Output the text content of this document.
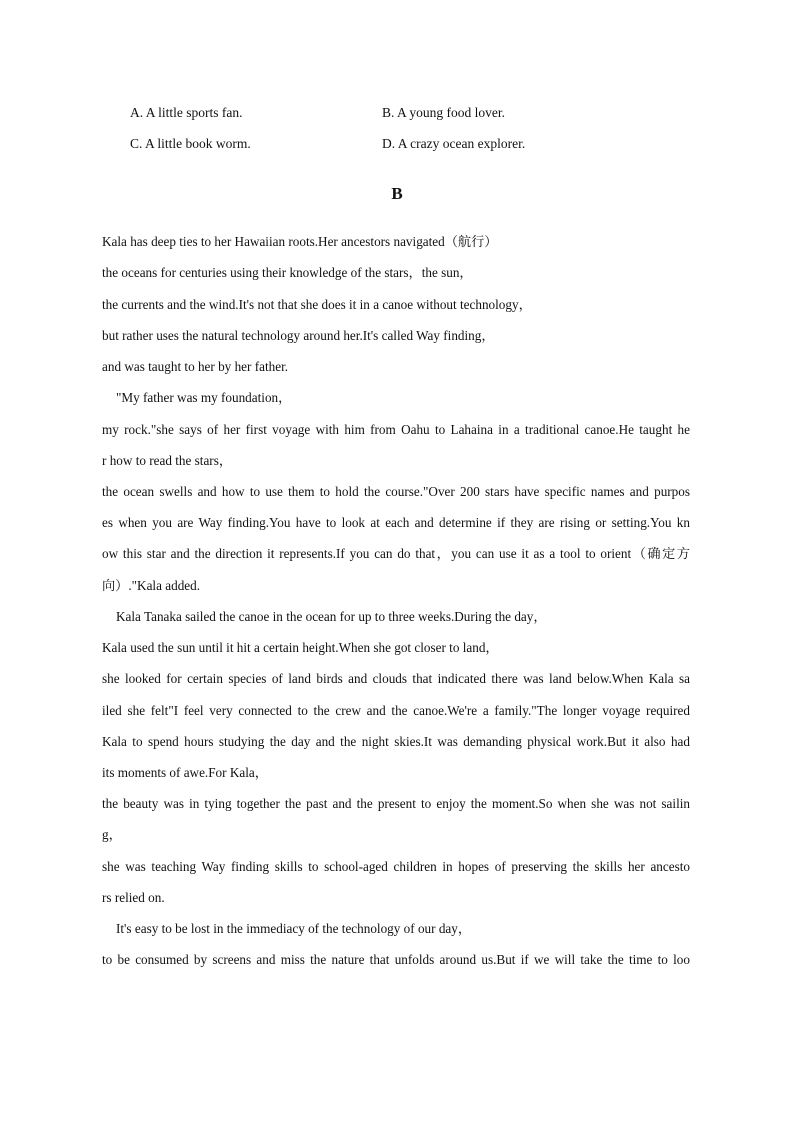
A. A little sports fan.	B. A young food lover.
C. A little book worm.	D. A crazy ocean explorer.
B
Kala has deep ties to her Hawaiian roots.Her ancestors navigated（航行）
the oceans for centuries using their knowledge of the stars，the sun，
the currents and the wind.It's not that she does it in a canoe without technology，
but rather uses the natural technology around her.It's called Way finding，
and was taught to her by her father.
"My father was my foundation，
my rock."she says of her first voyage with him from Oahu to Lahaina in a traditional canoe.He taught he
r how to read the stars，
the ocean swells and how to use them to hold the course."Over 200 stars have specific names and purpos
es when you are Way finding.You have to look at each and determine if they are rising or setting.You kn
ow this star and the direction it represents.If you can do that，you can use it as a tool to orient（确定方
向）."Kala added.
Kala Tanaka sailed the canoe in the ocean for up to three weeks.During the day，
Kala used the sun until it hit a certain height.When she got closer to land，
she looked for certain species of land birds and clouds that indicated there was land below.When Kala sa
iled she felt"I feel very connected to the crew and the canoe.We're a family."The longer voyage required
Kala to spend hours studying the day and the night skies.It was demanding physical work.But it also had
its moments of awe.For Kala，
the beauty was in tying together the past and the present to enjoy the moment.So when she was not sailin
g，
she was teaching Way finding skills to school-aged children in hopes of preserving the skills her ancesto
rs relied on.
It's easy to be lost in the immediacy of the technology of our day，
to be consumed by screens and miss the nature that unfolds around us.But if we will take the time to loo
